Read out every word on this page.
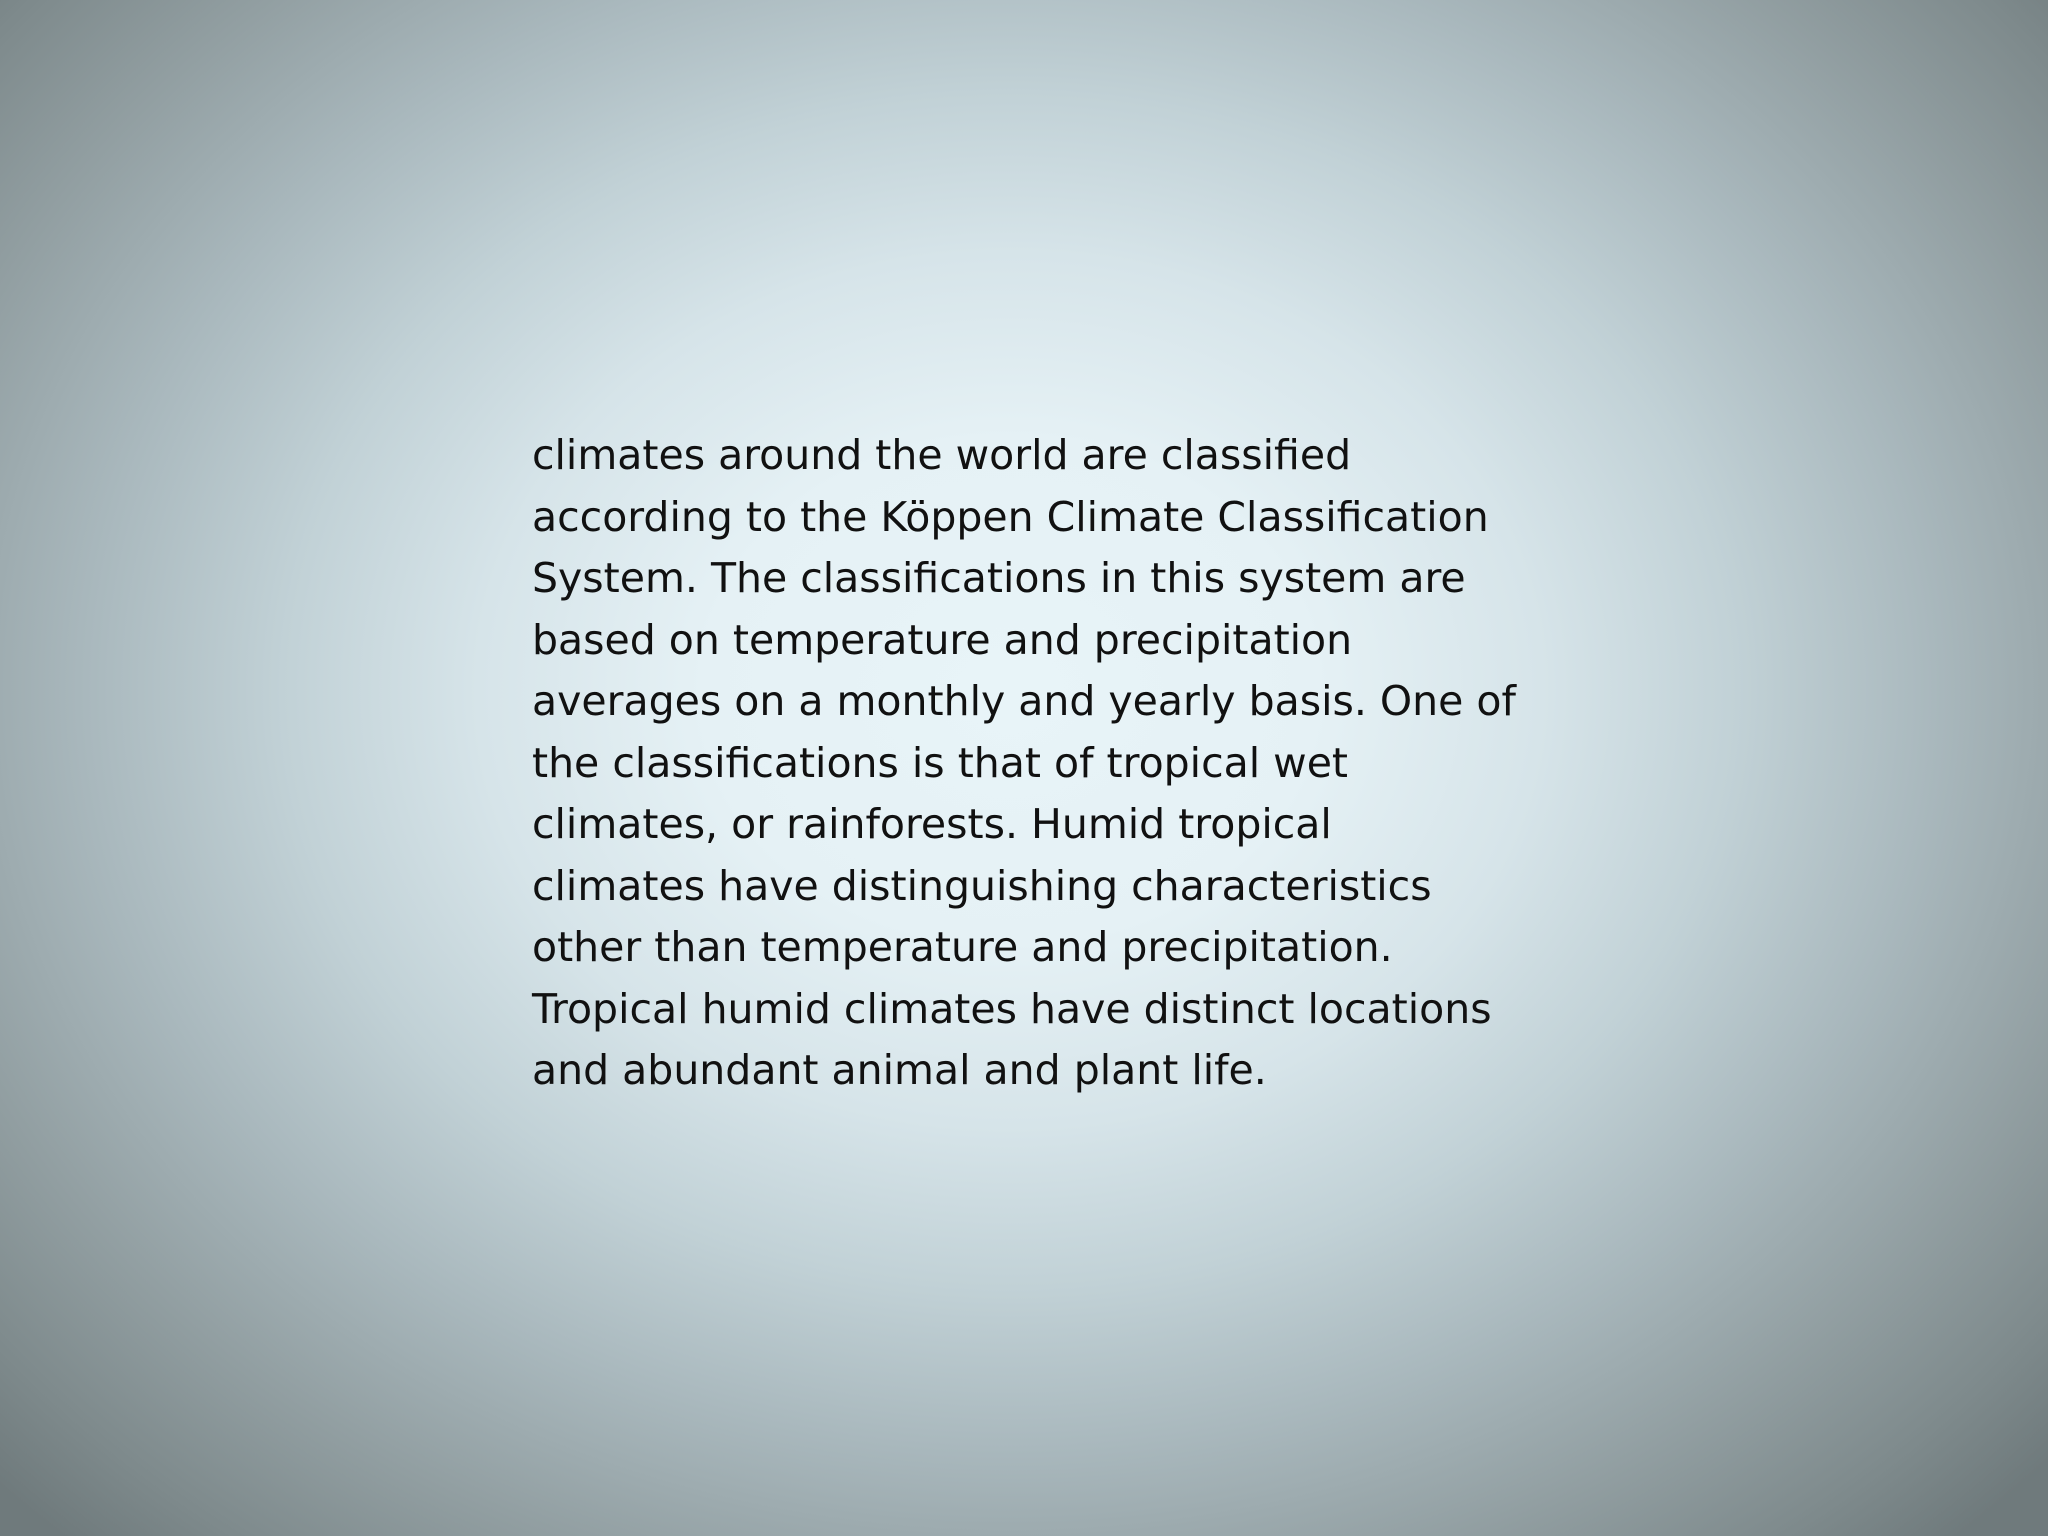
climates around the world are classified
according to the Köppen Climate Classification
System. The classifications in this system are
based on temperature and precipitation
averages on a monthly and yearly basis. One of
the classifications is that of tropical wet
climates, or rainforests. Humid tropical
climates have distinguishing characteristics
other than temperature and precipitation.
Tropical humid climates have distinct locations
and abundant animal and plant life.
